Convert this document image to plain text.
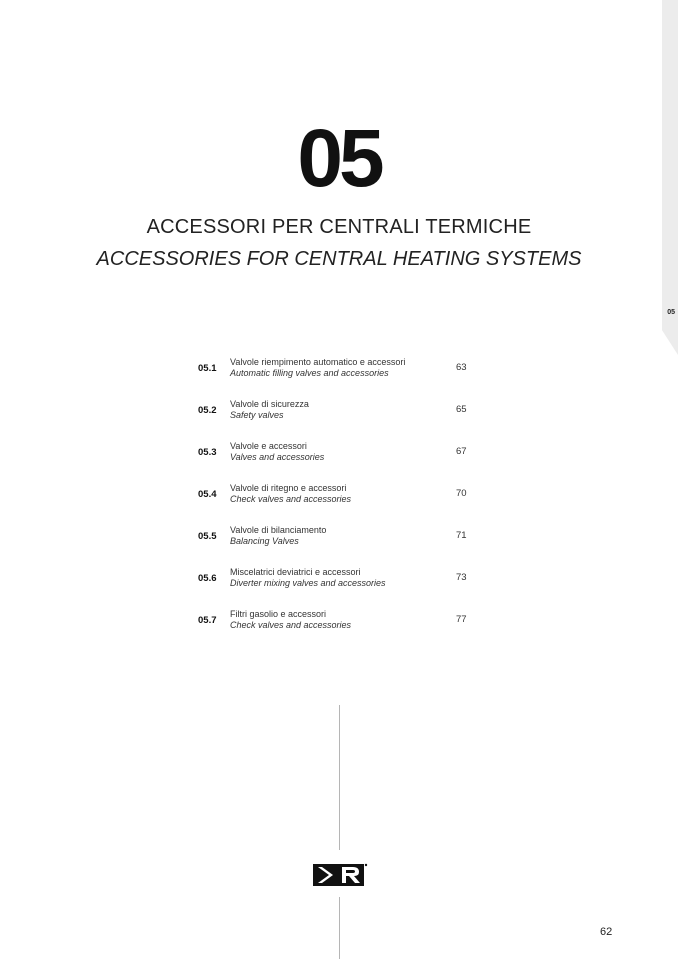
05
05
ACCESSORI PER CENTRALI TERMICHE
ACCESSORIES FOR CENTRAL HEATING SYSTEMS
05.1
Valvole riempimento automatico e accessori
Automatic filling valves and accessories	63
05.2
Valvole di sicurezza
Safety valves	65
05.3
Valvole e accessori
Valves and accessories	67
05.4
Valvole di ritegno e accessori
Check valves and accessories	70
05.5
Valvole di bilanciamento
Balancing Valves	71
05.6
Miscelatrici deviatrici e accessori
Diverter mixing valves and accessories	73
05.7
Filtri gasolio e accessori
Check valves and accessories	77
62
